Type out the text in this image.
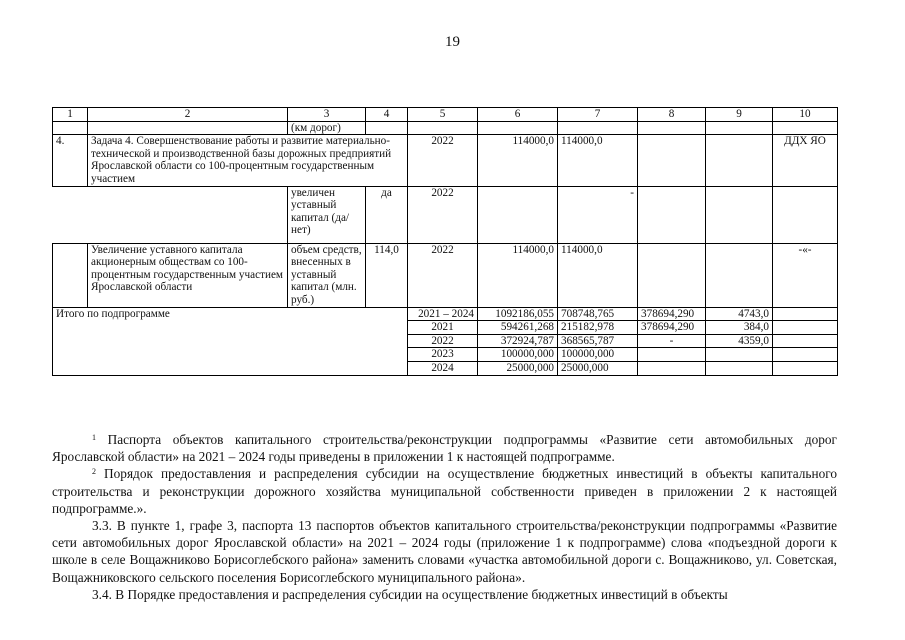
19
1	2	3	4	5	6	7	8	9	10
		(км дорог)							
4.	Задача 4. Совершенствование работы и развитие материально-технической и производственной базы дорожных предприятий Ярославской области со 100-процентным государственным участием			2022	114000,0	114000,0			ДДХ ЯО
		увеличен уставный капитал (да/нет)	да	2022		-			
	Увеличение уставного капитала акционерным обществам со 100-процентным государственным участием Ярославской области	объем средств, внесенных в уставный капитал (млн. руб.)	114,0	2022	114000,0	114000,0			-«-
Итого по подпрограмме				2021 – 2024	1092186,055	708748,765	378694,290	4743,0	
				2021	594261,268	215182,978	378694,290	384,0	
				2022	372924,787	368565,787	-	4359,0	
				2023	100000,000	100000,000			
				2024	25000,000	25000,000			

$^1$ Паспорта объектов капитального строительства/реконструкции подпрограммы «Развитие сети автомобильных дорог Ярославской области» на 2021 – 2024 годы приведены в приложении 1 к настоящей подпрограмме.

$^2$ Порядок предоставления и распределения субсидии на осуществление бюджетных инвестиций в объекты капитального строительства и реконструкции дорожного хозяйства муниципальной собственности приведен в приложении 2 к настоящей подпрограмме.».

3.3. В пункте 1, графе 3, паспорта 13 паспортов объектов капитального строительства/реконструкции подпрограммы «Развитие сети автомобильных дорог Ярославской области» на 2021 – 2024 годы (приложение 1 к подпрограмме) слова «подъездной дороги к школе в селе Вощажниково Борисоглебского района» заменить словами «участка автомобильной дороги с. Вощажниково, ул. Советская, Вощажниковского сельского поселения Борисоглебского муниципального района».

3.4. В Порядке предоставления и распределения субсидии на осуществление бюджетных инвестиций в объекты
